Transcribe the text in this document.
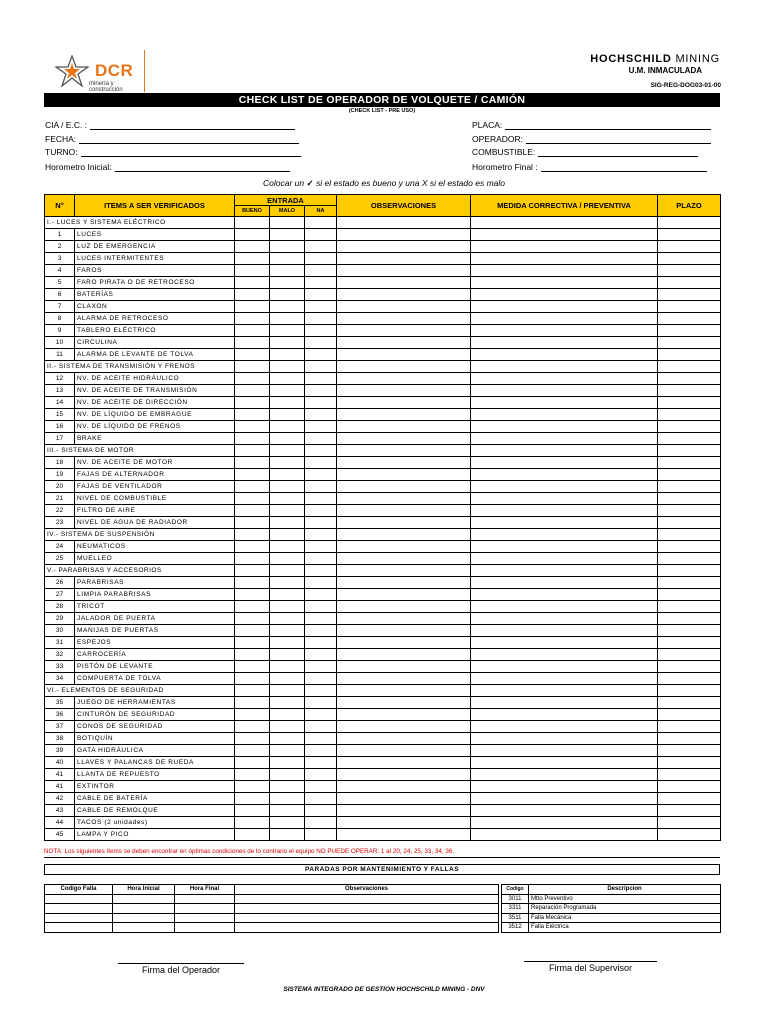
DCR
minería y construcción
HOCHSCHILD MINING
U.M. INMACULADA
SIG-REG-DOG03-01-00
CHECK LIST DE OPERADOR DE VOLQUETE / CAMIÓN
(CHECK LIST - PRE USO)
CIA / E.C. :
FECHA:
TURNO:
Horometro Inicial:
PLACA:
OPERADOR:
COMBUSTIBLE:
Horometro Final :
Colocar un ✓ si el estado es bueno y una X si el estado es malo
N°	ITEMS A SER VERIFICADOS	ENTRADA			OBSERVACIONES	MEDIDA CORRECTIVA / PREVENTIVA	PLAZO
		BUENO	MALO	NA			
I.- LUCES Y SISTEMA ELÉCTRICO							
1	LUCES						
2	LUZ DE EMERGENCIA						
3	LUCES INTERMITENTES						
4	FAROS						
5	FARO PIRATA O DE RETROCESO						
6	BATERÍAS						
7	CLAXON						
8	ALARMA DE RETROCESO						
9	TABLERO ELÉCTRICO						
10	CIRCULINA						
11	ALARMA DE LEVANTE DE TOLVA						
II.- SISTEMA DE TRANSMISIÓN Y FRENOS							
12	NV. DE ACEITE HIDRÁULICO						
13	NV. DE ACEITE DE TRANSMISIÓN						
14	NV. DE ACEITE DE DIRECCIÓN						
15	NV. DE LÍQUIDO DE EMBRAGUE						
16	NV. DE LÍQUIDO DE FRENOS						
17	BRAKE						
III.- SISTEMA DE MOTOR							
18	NV. DE ACEITE DE MOTOR						
19	FAJAS DE ALTERNADOR						
20	FAJAS DE VENTILADOR						
21	NIVEL DE COMBUSTIBLE						
22	FILTRO DE AIRE						
23	NIVEL DE AGUA DE RADIADOR						
IV.- SISTEMA DE SUSPENSIÓN							
24	NEUMATICOS						
25	MUELLEO						
V.- PARABRISAS Y ACCESORIOS							
26	PARABRISAS						
27	LIMPIA PARABRISAS						
28	TRICOT						
29	JALADOR DE PUERTA						
30	MANIJAS DE PUERTAS						
31	ESPEJOS						
32	CARROCERÍA						
33	PISTÓN DE LEVANTE						
34	COMPUERTA DE TOLVA						
VI.- ELEMENTOS DE SEGURIDAD							
35	JUEGO DE HERRAMIENTAS						
36	CINTURÓN DE SEGURIDAD						
37	CONOS DE SEGURIDAD						
38	BOTIQUÍN						
39	GATA HIDRÁULICA						
40	LLAVES Y PALANCAS DE RUEDA						
41	LLANTA DE REPUESTO						
41	EXTINTOR						
42	CABLE DE BATERÍA						
43	CABLE DE REMOLQUE						
44	TACOS (2 unidades)						
45	LAMPA Y PICO						
NOTA: Los siguientes ítems se deben encontrar en óptimas condiciones de lo contrario el equipo NO PUEDE OPERAR: 1 al 20, 24, 25, 33, 34, 36.
PARADAS POR MANTENIMIENTO Y FALLAS
Codigo Falla	Hora Inicial	Hora Final	Observaciones

				Codigo	Descripcion
3011	Mtto Preventivo
3311	Reparación Programada
3511	Falla Mecánica
3512	Falla Eléctrica
Firma del Operador	Firma del Supervisor
SISTEMA INTEGRADO DE GESTION HOCHSCHILD MINING - DNV
